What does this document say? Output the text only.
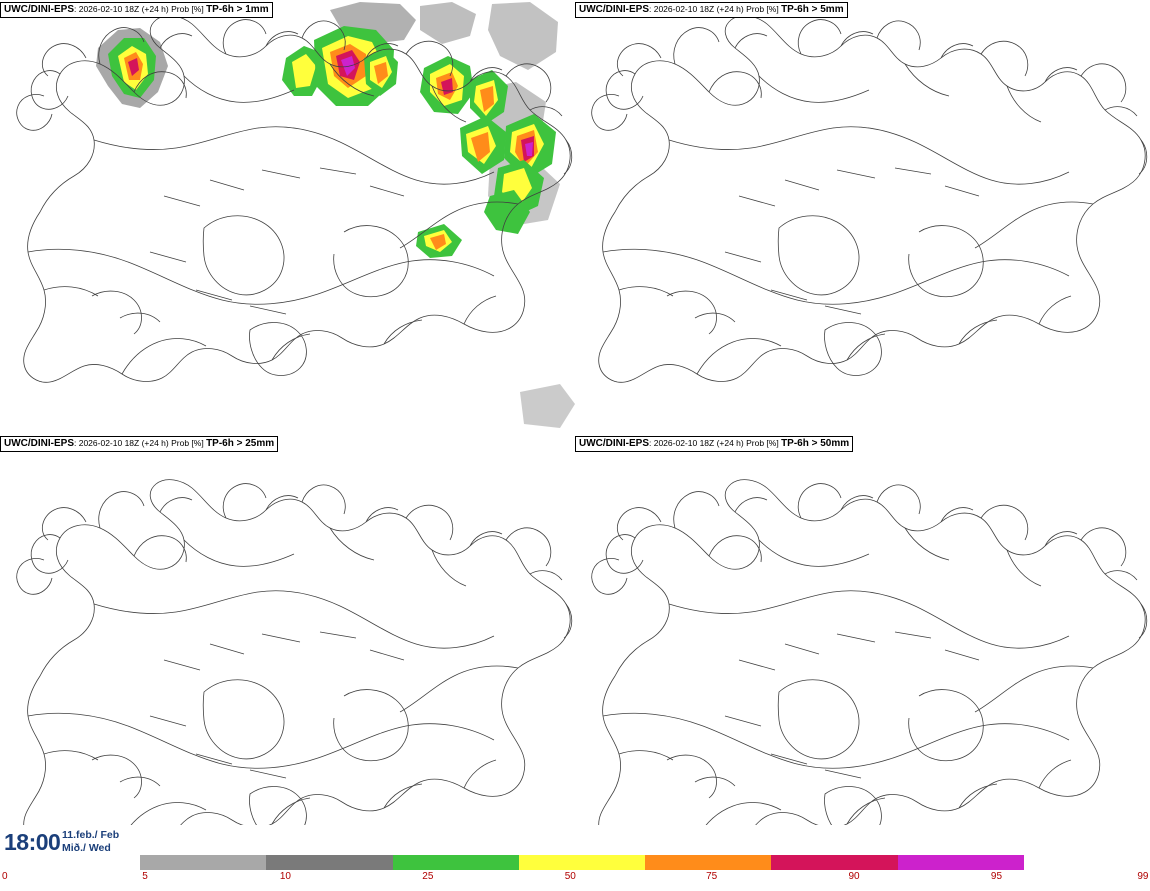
UWC/DINI-EPS: 2026-02-10 18Z (+24 h) Prob [%] TP-6h > 1mm	UWC/DINI-EPS: 2026-02-10 18Z (+24 h) Prob [%] TP-6h > 5mm
UWC/DINI-EPS: 2026-02-10 18Z (+24 h) Prob [%] TP-6h > 25mm	UWC/DINI-EPS: 2026-02-10 18Z (+24 h) Prob [%] TP-6h > 50mm
18:00 11.feb./ Feb
Mið./ Wed
5	10	25	50	75	90	95	99
0
